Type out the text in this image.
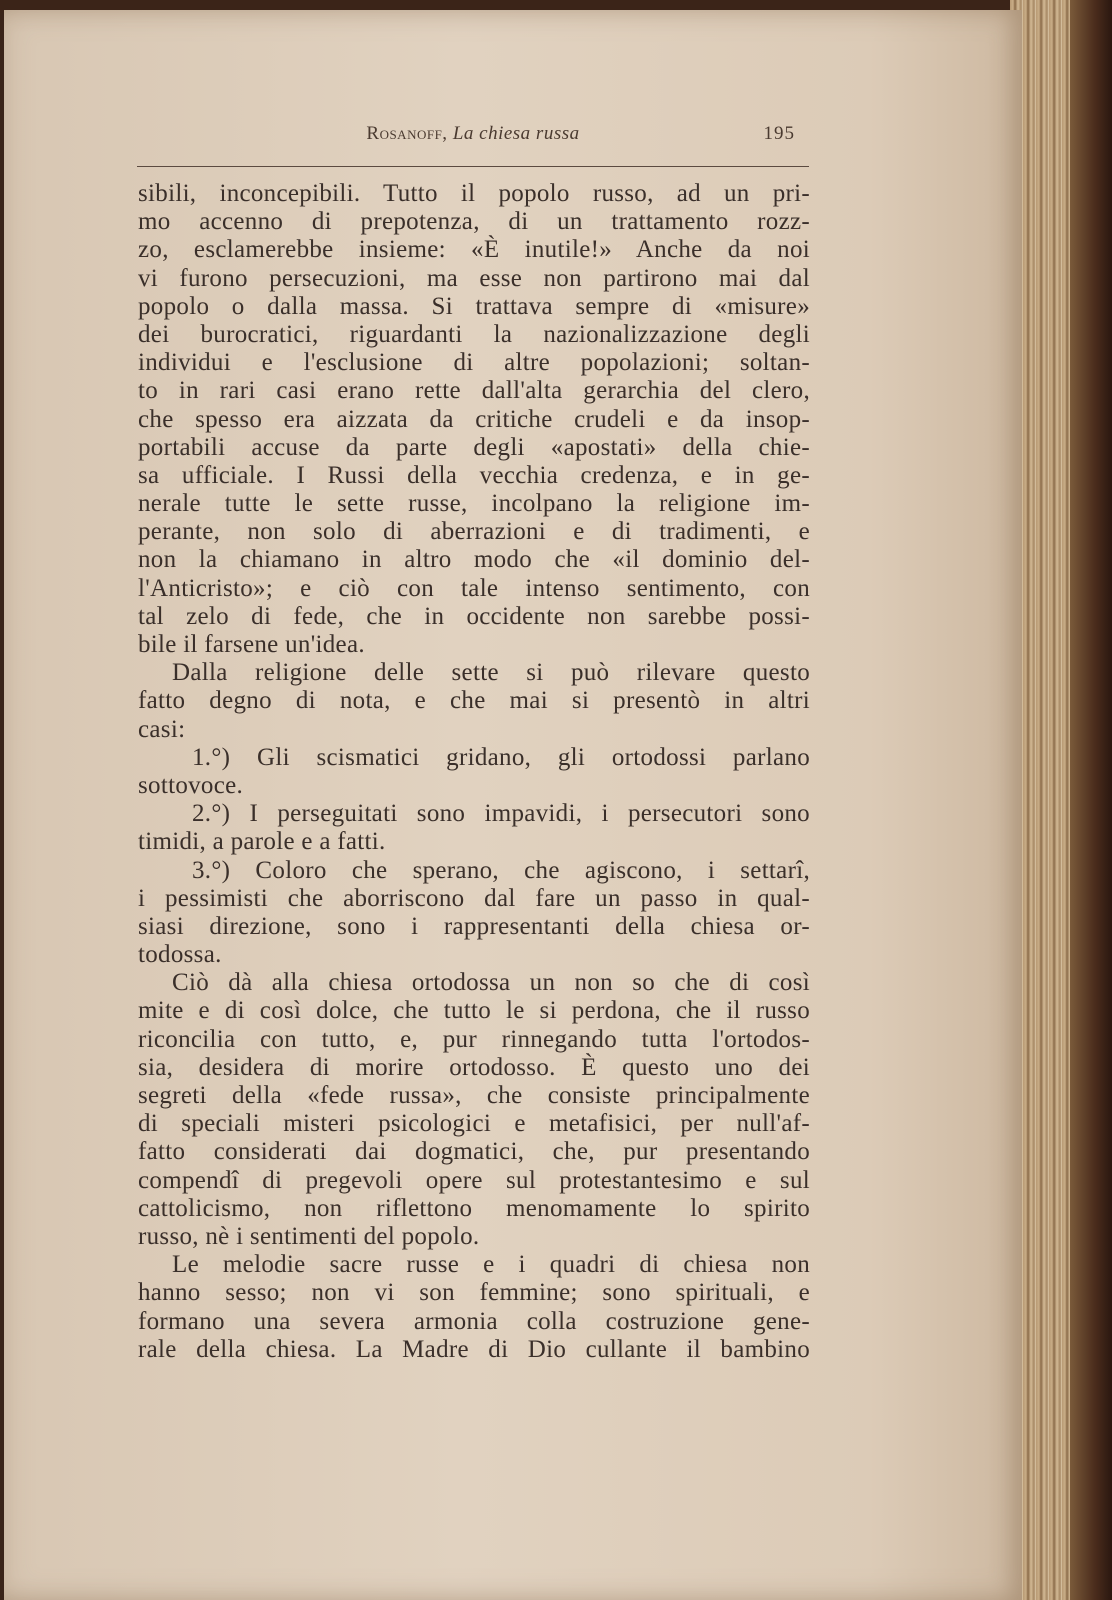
Rosanoff, La chiesa russa	195
sibili, inconcepibili. Tutto il popolo russo, ad un pri-
mo accenno di prepotenza, di un trattamento rozz-
zo, esclamerebbe insieme: «È inutile!» Anche da noi
vi furono persecuzioni, ma esse non partirono mai dal
popolo o dalla massa. Si trattava sempre di «misure»
dei burocratici, riguardanti la nazionalizzazione degli
individui e l'esclusione di altre popolazioni; soltan-
to in rari casi erano rette dall'alta gerarchia del clero,
che spesso era aizzata da critiche crudeli e da insop-
portabili accuse da parte degli «apostati» della chie-
sa ufficiale. I Russi della vecchia credenza, e in ge-
nerale tutte le sette russe, incolpano la religione im-
perante, non solo di aberrazioni e di tradimenti, e
non la chiamano in altro modo che «il dominio del-
l'Anticristo»; e ciò con tale intenso sentimento, con
tal zelo di fede, che in occidente non sarebbe possi-
bile il farsene un'idea.
Dalla religione delle sette si può rilevare questo
fatto degno di nota, e che mai si presentò in altri
casi:
1.°) Gli scismatici gridano, gli ortodossi parlano
sottovoce.
2.°) I perseguitati sono impavidi, i persecutori sono
timidi, a parole e a fatti.
3.°) Coloro che sperano, che agiscono, i settarî,
i pessimisti che aborriscono dal fare un passo in qual-
siasi direzione, sono i rappresentanti della chiesa or-
todossa.
Ciò dà alla chiesa ortodossa un non so che di così
mite e di così dolce, che tutto le si perdona, che il russo
riconcilia con tutto, e, pur rinnegando tutta l'ortodos-
sia, desidera di morire ortodosso. È questo uno dei
segreti della «fede russa», che consiste principalmente
di speciali misteri psicologici e metafisici, per null'af-
fatto considerati dai dogmatici, che, pur presentando
compendî di pregevoli opere sul protestantesimo e sul
cattolicismo, non riflettono menomamente lo spirito
russo, nè i sentimenti del popolo.
Le melodie sacre russe e i quadri di chiesa non
hanno sesso; non vi son femmine; sono spirituali, e
formano una severa armonia colla costruzione gene-
rale della chiesa. La Madre di Dio cullante il bambino
